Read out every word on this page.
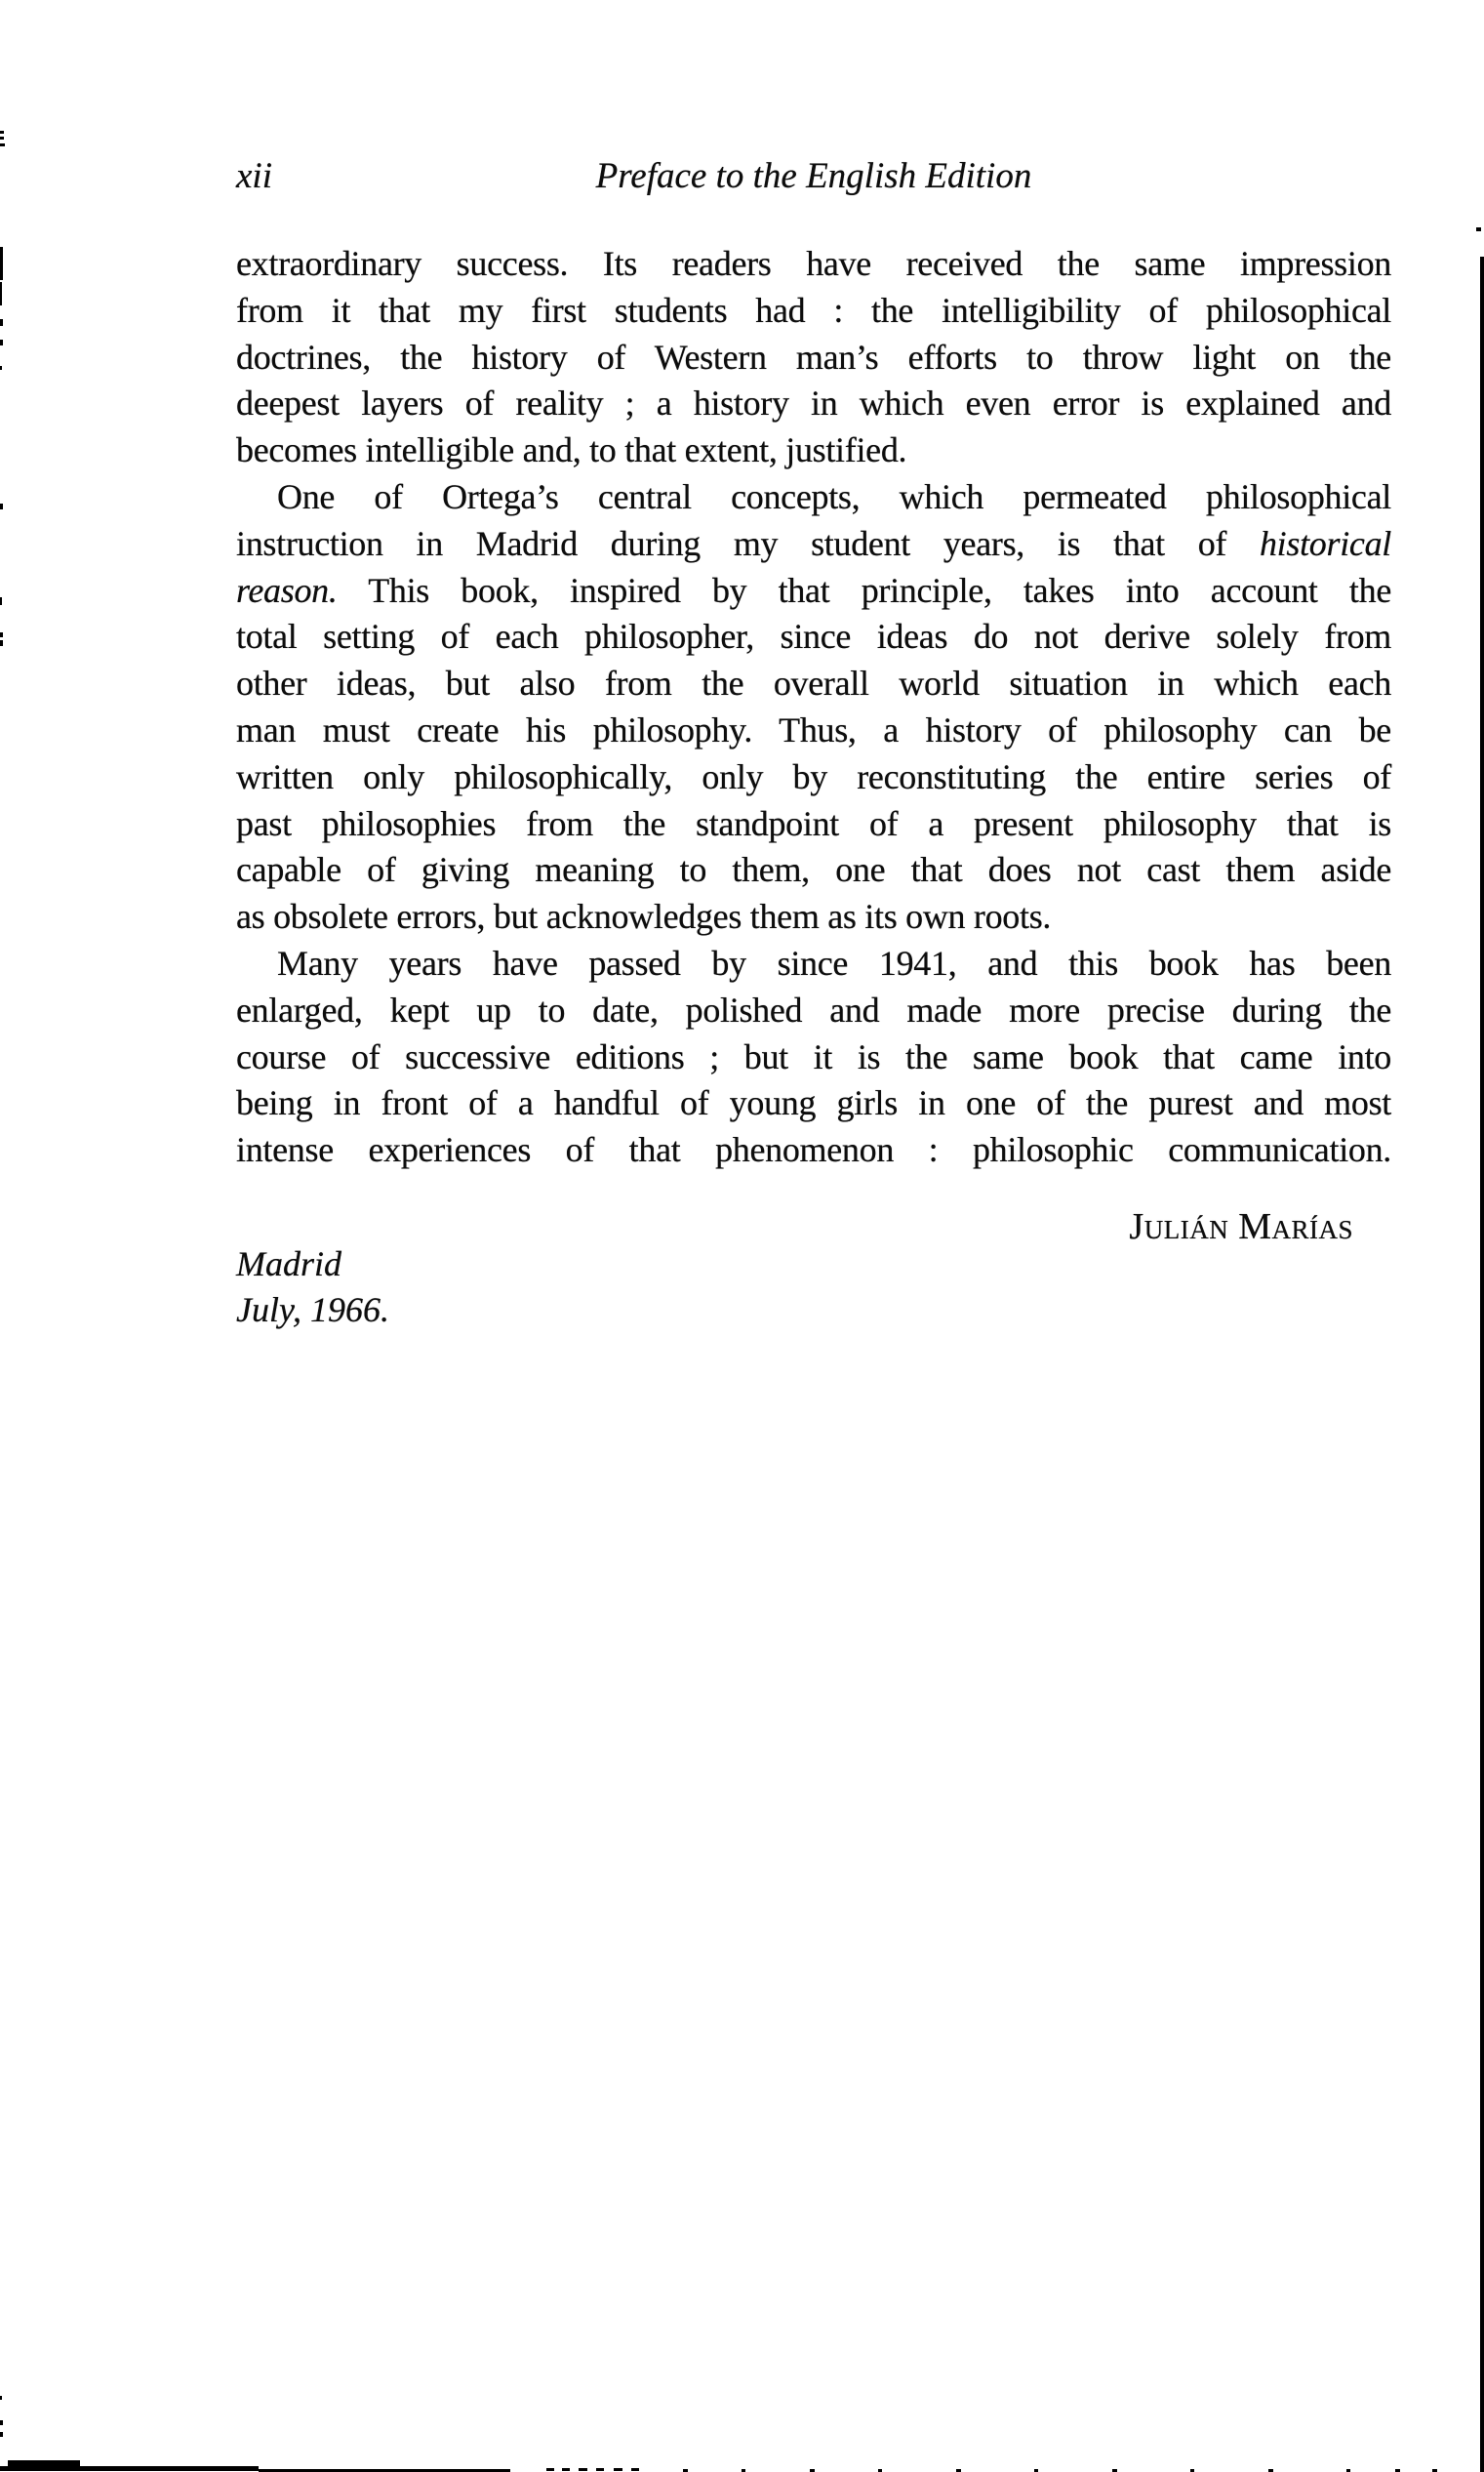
xii	Preface to the English Edition
extraordinary success. Its readers have received the same impression
from it that my first students had : the intelligibility of philosophical
doctrines, the history of Western man’s efforts to throw light on the
deepest layers of reality ; a history in which even error is explained and
becomes intelligible and, to that extent, justified.
One of Ortega’s central concepts, which permeated philosophical
instruction in Madrid during my student years, is that of historical
reason. This book, inspired by that principle, takes into account the
total setting of each philosopher, since ideas do not derive solely from
other ideas, but also from the overall world situation in which each
man must create his philosophy. Thus, a history of philosophy can be
written only philosophically, only by reconstituting the entire series of
past philosophies from the standpoint of a present philosophy that is
capable of giving meaning to them, one that does not cast them aside
as obsolete errors, but acknowledges them as its own roots.
Many years have passed by since 1941, and this book has been
enlarged, kept up to date, polished and made more precise during the
course of successive editions ; but it is the same book that came into
being in front of a handful of young girls in one of the purest and most
intense experiences of that phenomenon : philosophic communication.
Julián Marías
Madrid
July, 1966.
